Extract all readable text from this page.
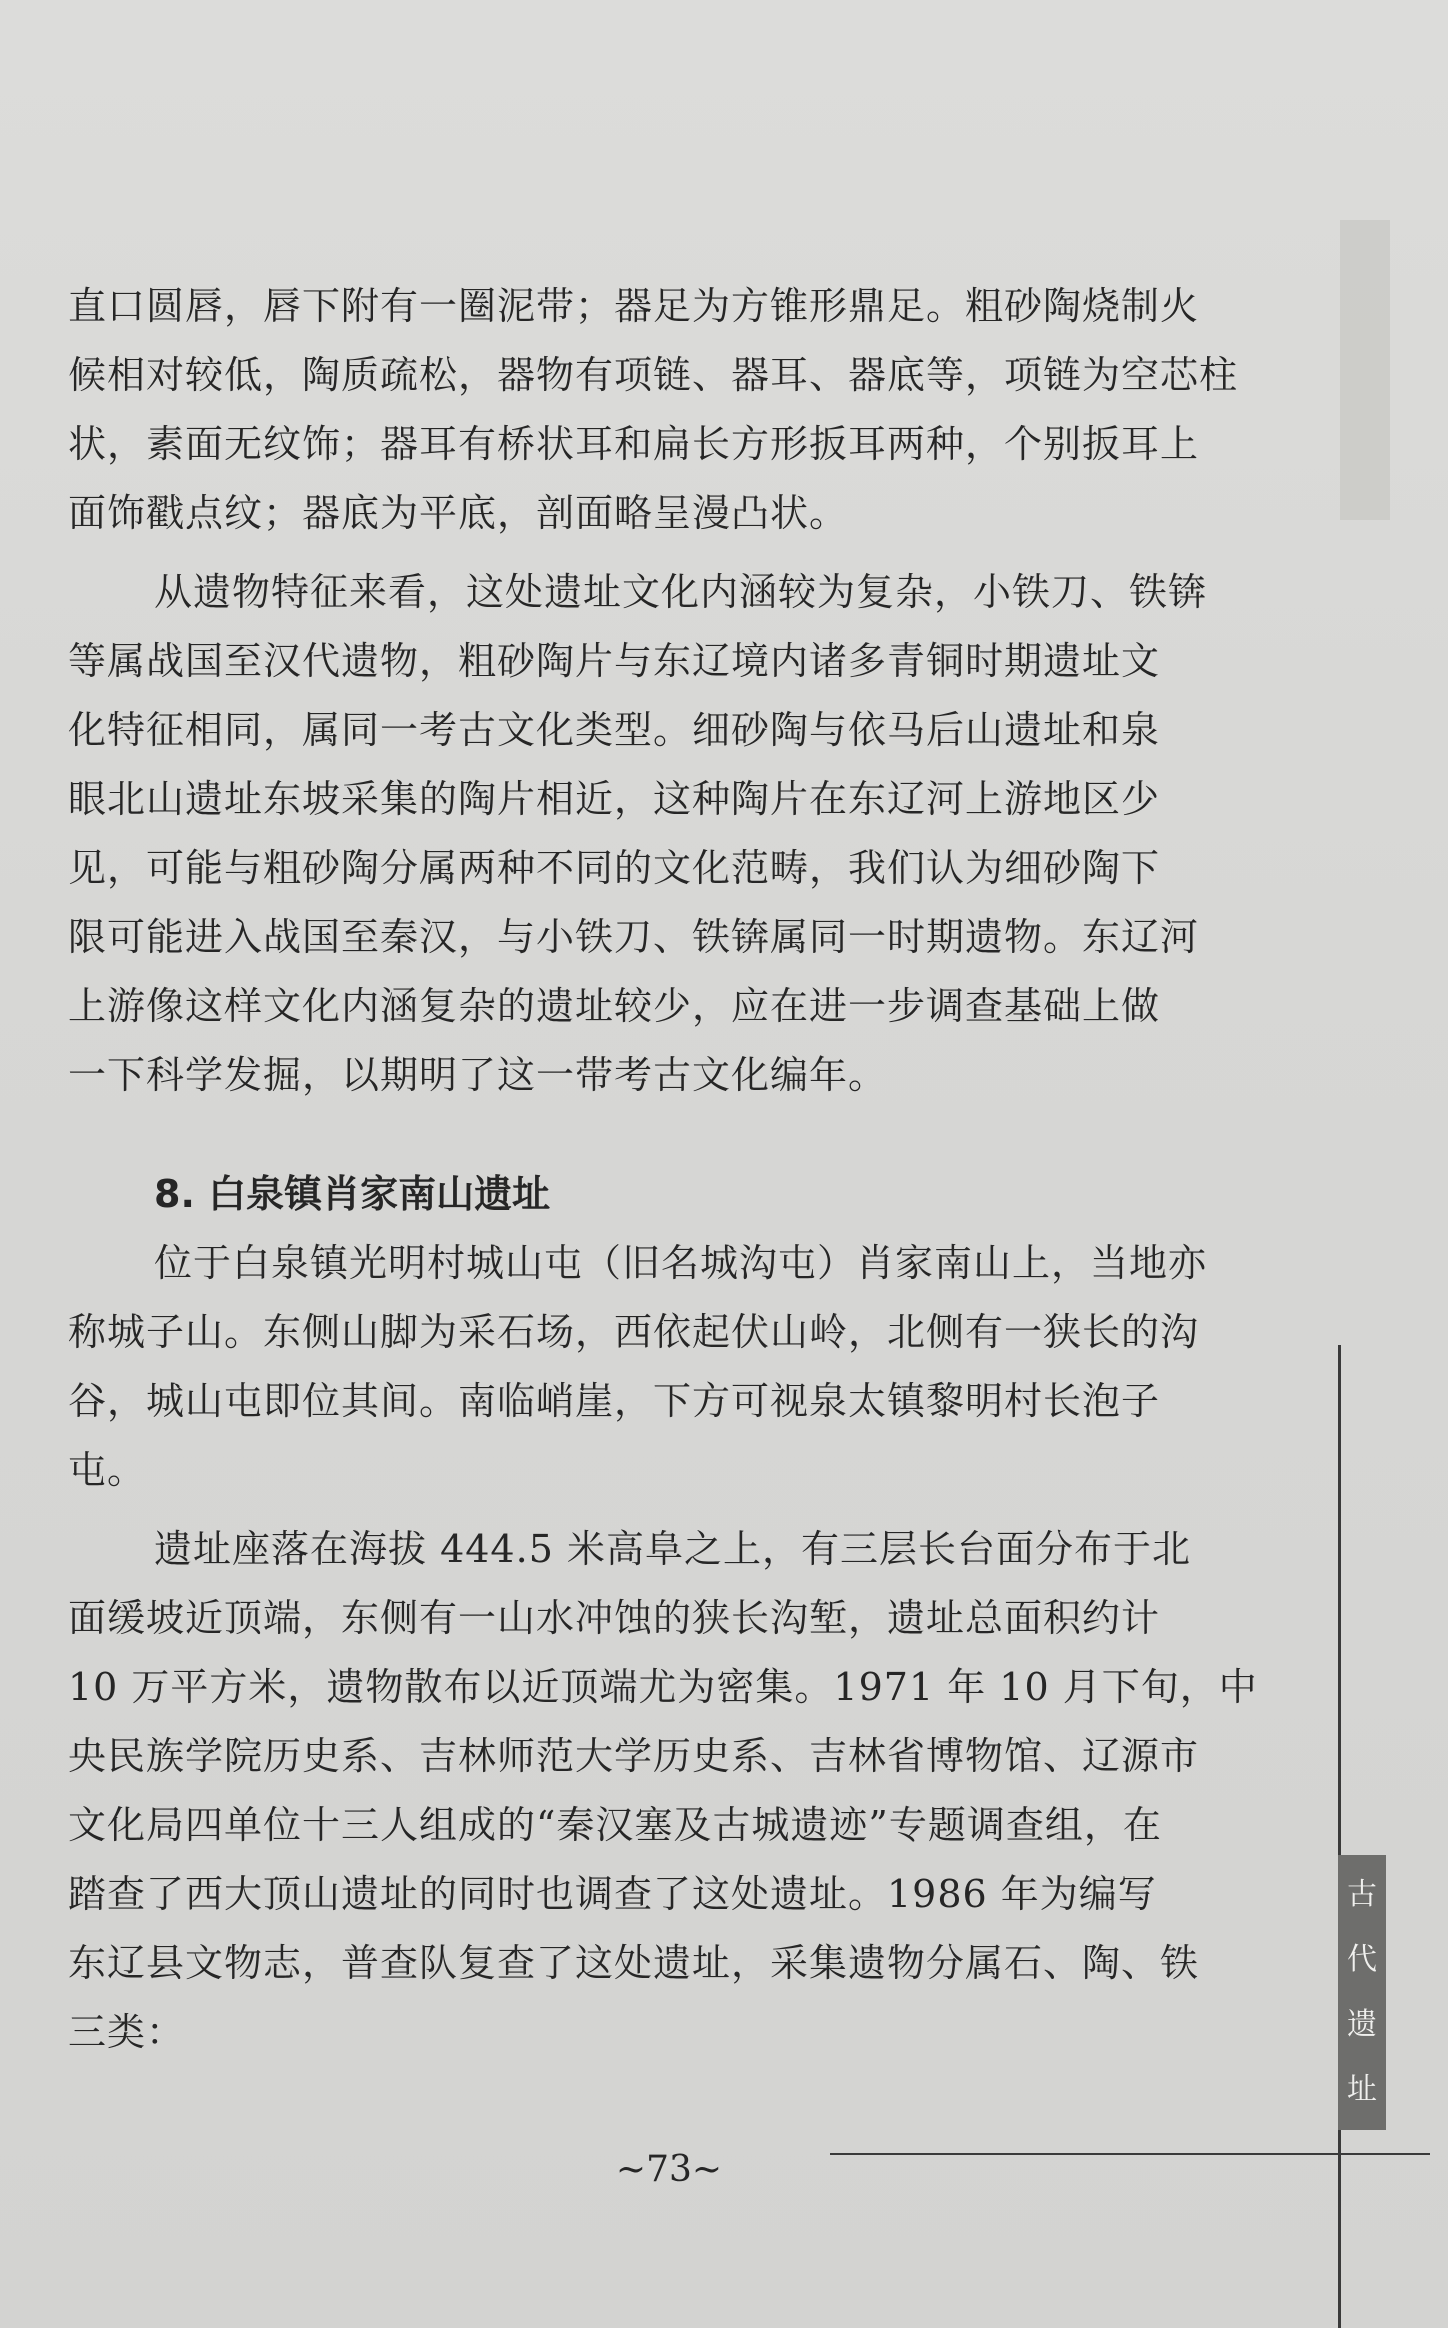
直口圆唇，唇下附有一圈泥带；器足为方锥形鼎足。粗砂陶烧制火

候相对较低，陶质疏松，器物有项链、器耳、器底等，项链为空芯柱

状，素面无纹饰；器耳有桥状耳和扁长方形扳耳两种，个别扳耳上

面饰戳点纹；器底为平底，剖面略呈漫凸状。

从遗物特征来看，这处遗址文化内涵较为复杂，小铁刀、铁锛

等属战国至汉代遗物，粗砂陶片与东辽境内诸多青铜时期遗址文

化特征相同，属同一考古文化类型。细砂陶与依马后山遗址和泉

眼北山遗址东坡采集的陶片相近，这种陶片在东辽河上游地区少

见，可能与粗砂陶分属两种不同的文化范畴，我们认为细砂陶下

限可能进入战国至秦汉，与小铁刀、铁锛属同一时期遗物。东辽河

上游像这样文化内涵复杂的遗址较少，应在进一步调查基础上做

一下科学发掘，以期明了这一带考古文化编年。

8. 白泉镇肖家南山遗址

位于白泉镇光明村城山屯（旧名城沟屯）肖家南山上，当地亦

称城子山。东侧山脚为采石场，西依起伏山岭，北侧有一狭长的沟

谷，城山屯即位其间。南临峭崖，下方可视泉太镇黎明村长泡子

屯。

遗址座落在海拔 444.5 米高阜之上，有三层长台面分布于北

面缓坡近顶端，东侧有一山水冲蚀的狭长沟堑，遗址总面积约计

10 万平方米，遗物散布以近顶端尤为密集。1971 年 10 月下旬，中

央民族学院历史系、吉林师范大学历史系、吉林省博物馆、辽源市

文化局四单位十三人组成的“秦汉塞及古城遗迹”专题调查组，在

踏查了西大顶山遗址的同时也调查了这处遗址。1986 年为编写

东辽县文物志，普查队复查了这处遗址，采集遗物分属石、陶、铁

三类：

古
代
遗
址
~73~
